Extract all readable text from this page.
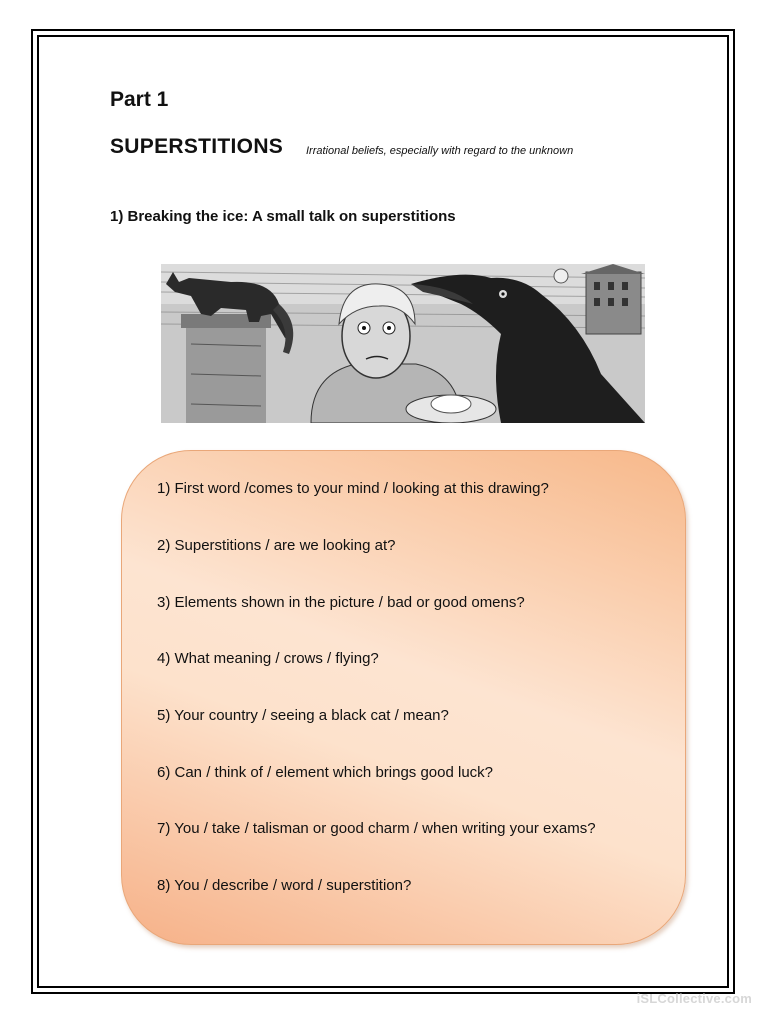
Part 1
SUPERSTITIONS Irrational beliefs, especially with regard to the unknown
1) Breaking the ice: A small talk on superstitions
1) First word /comes to your mind / looking at this drawing?
2) Superstitions / are we looking at?
3) Elements shown in the picture / bad or good omens?
4) What meaning / crows / flying?
5) Your country / seeing a black cat / mean?
6) Can / think of / element which brings good luck?
7) You / take / talisman or good charm / when writing your exams?
8) You / describe / word / superstition?
iSLCollective.com
